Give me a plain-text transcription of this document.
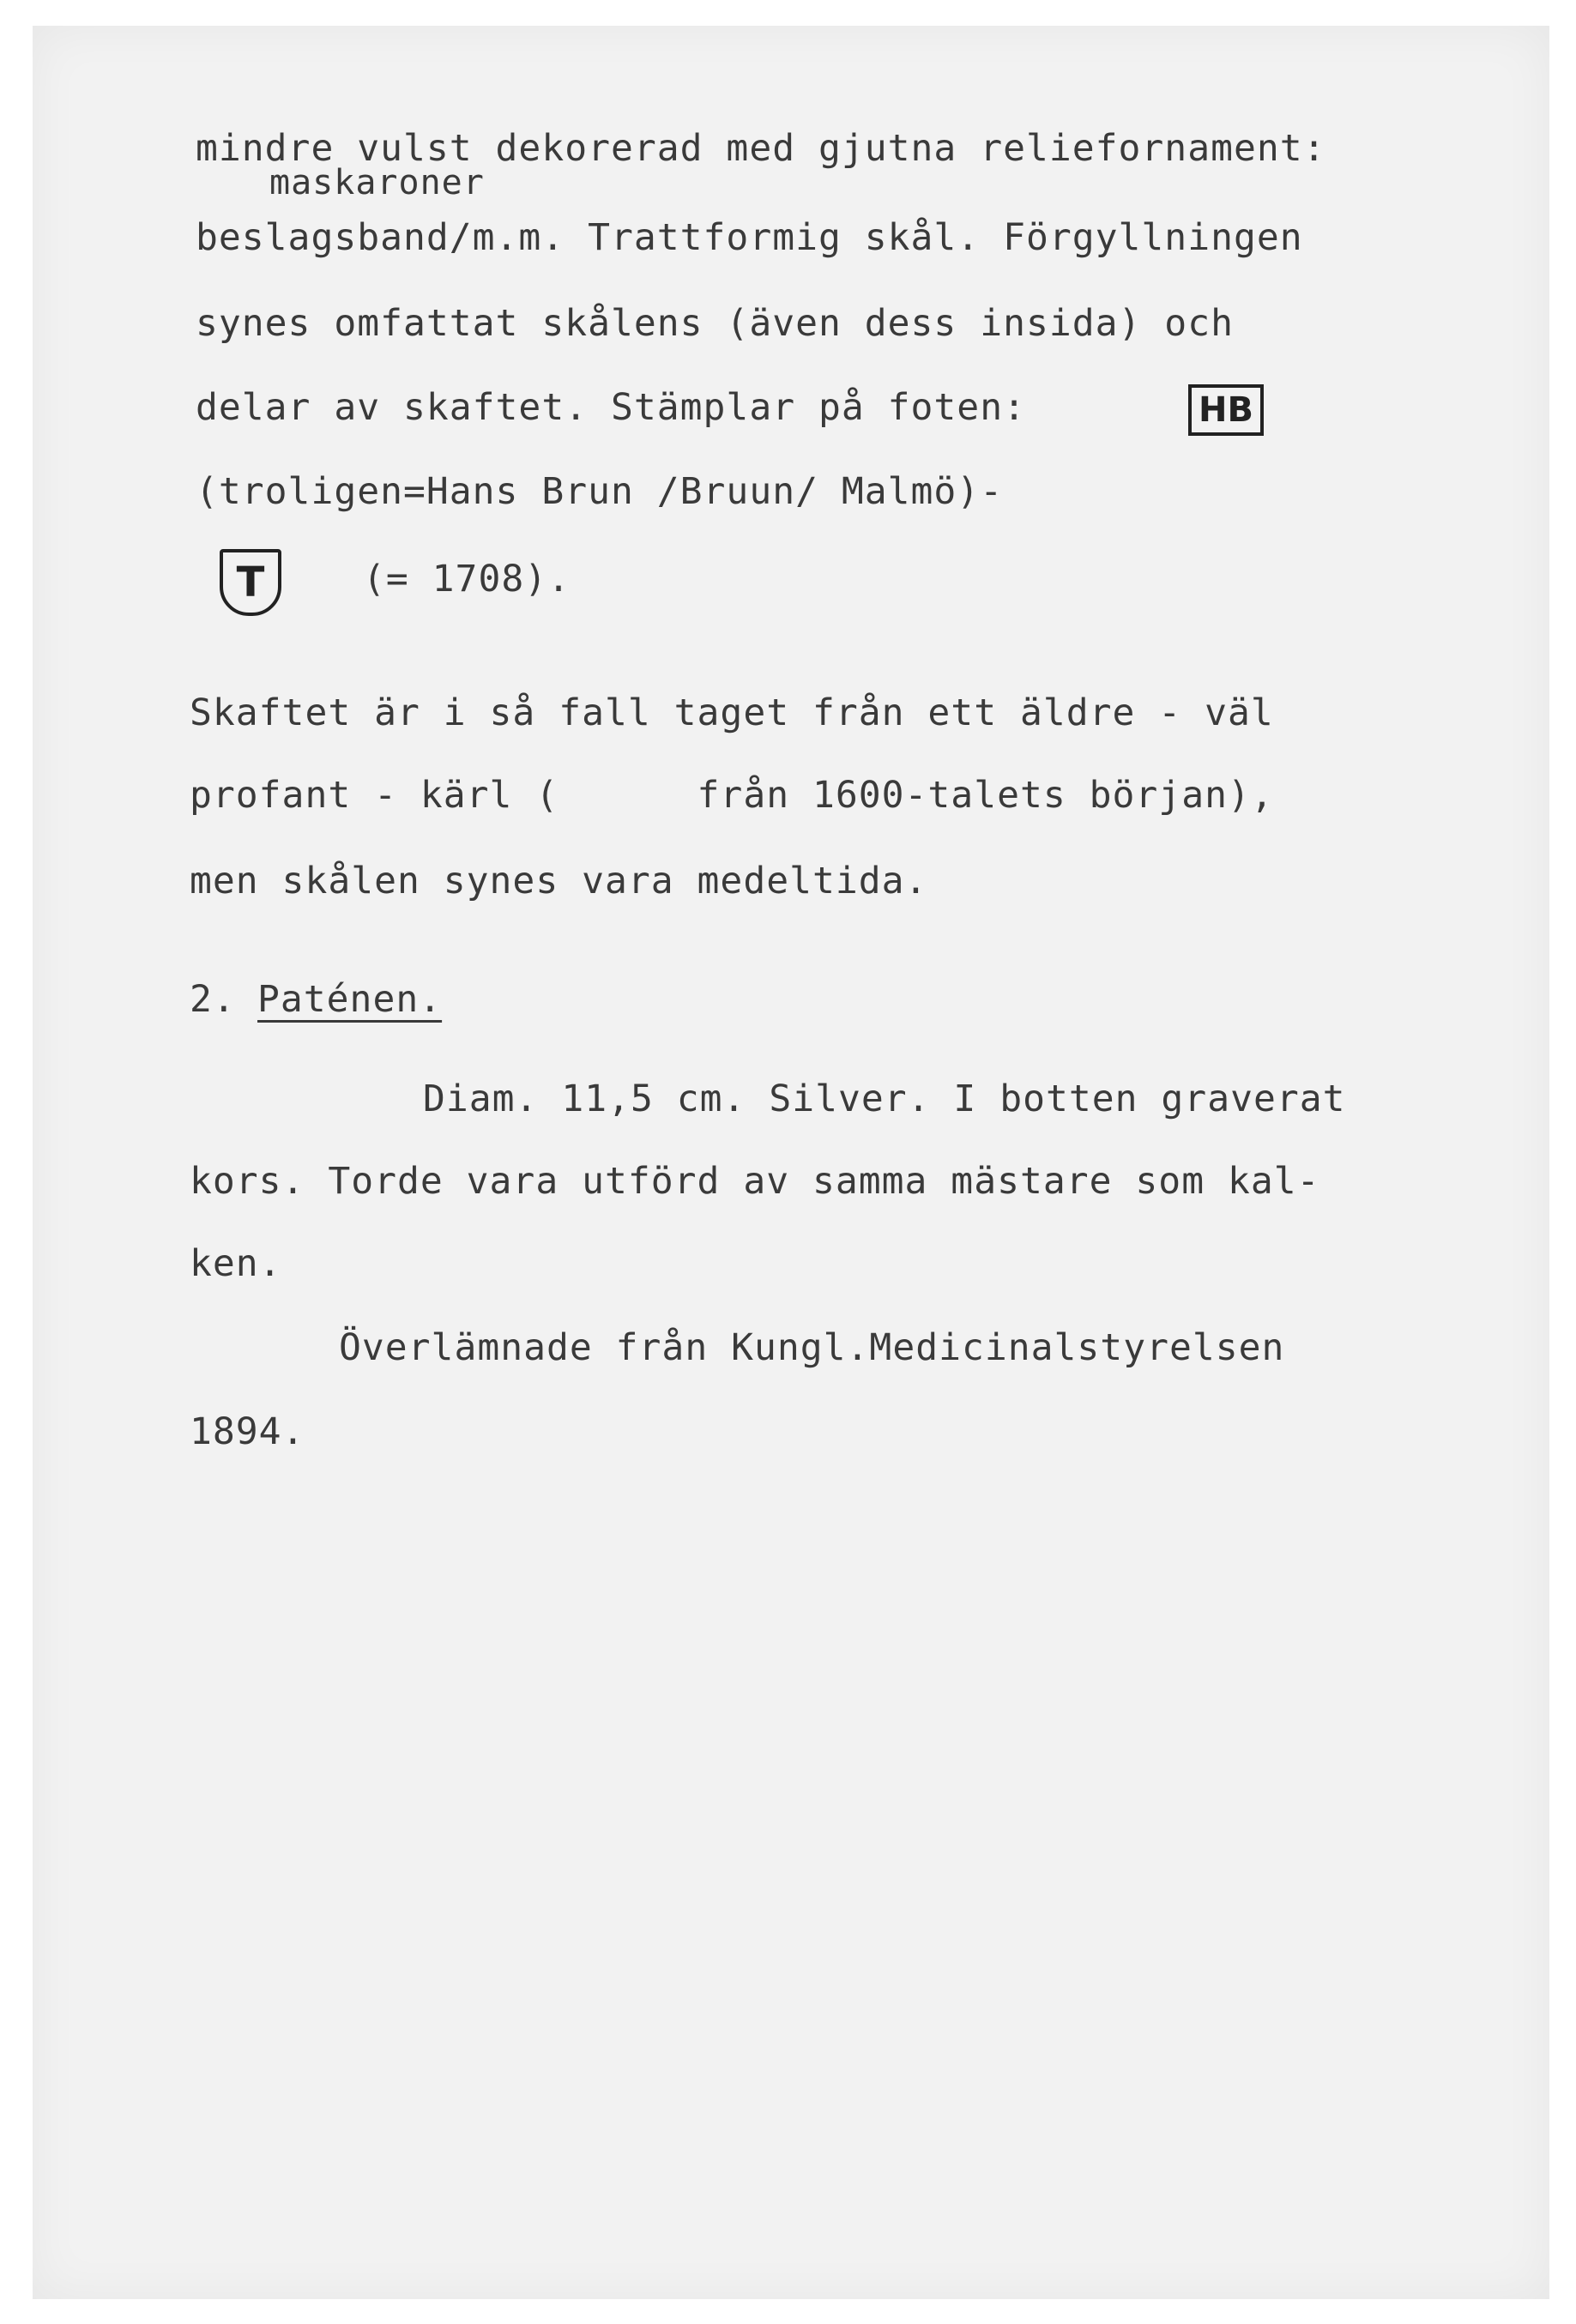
mindre vulst dekorerad med gjutna reliefornament:
maskaroner
beslagsband/m.m. Trattformig skål. Förgyllningen
synes omfattat skålens (även dess insida) och
delar av skaftet. Stämplar på foten:	HB
(troligen=Hans Brun /Bruun/ Malmö)-
T	(= 1708).
Skaftet är i så fall taget från ett äldre - väl
profant - kärl (      från 1600-talets början),
men skålen synes vara medeltida.
2. Paténen.
Diam. 11,5 cm. Silver. I botten graverat
kors. Torde vara utförd av samma mästare som kal-
ken.
Överlämnade från Kungl.Medicinalstyrelsen
1894.
